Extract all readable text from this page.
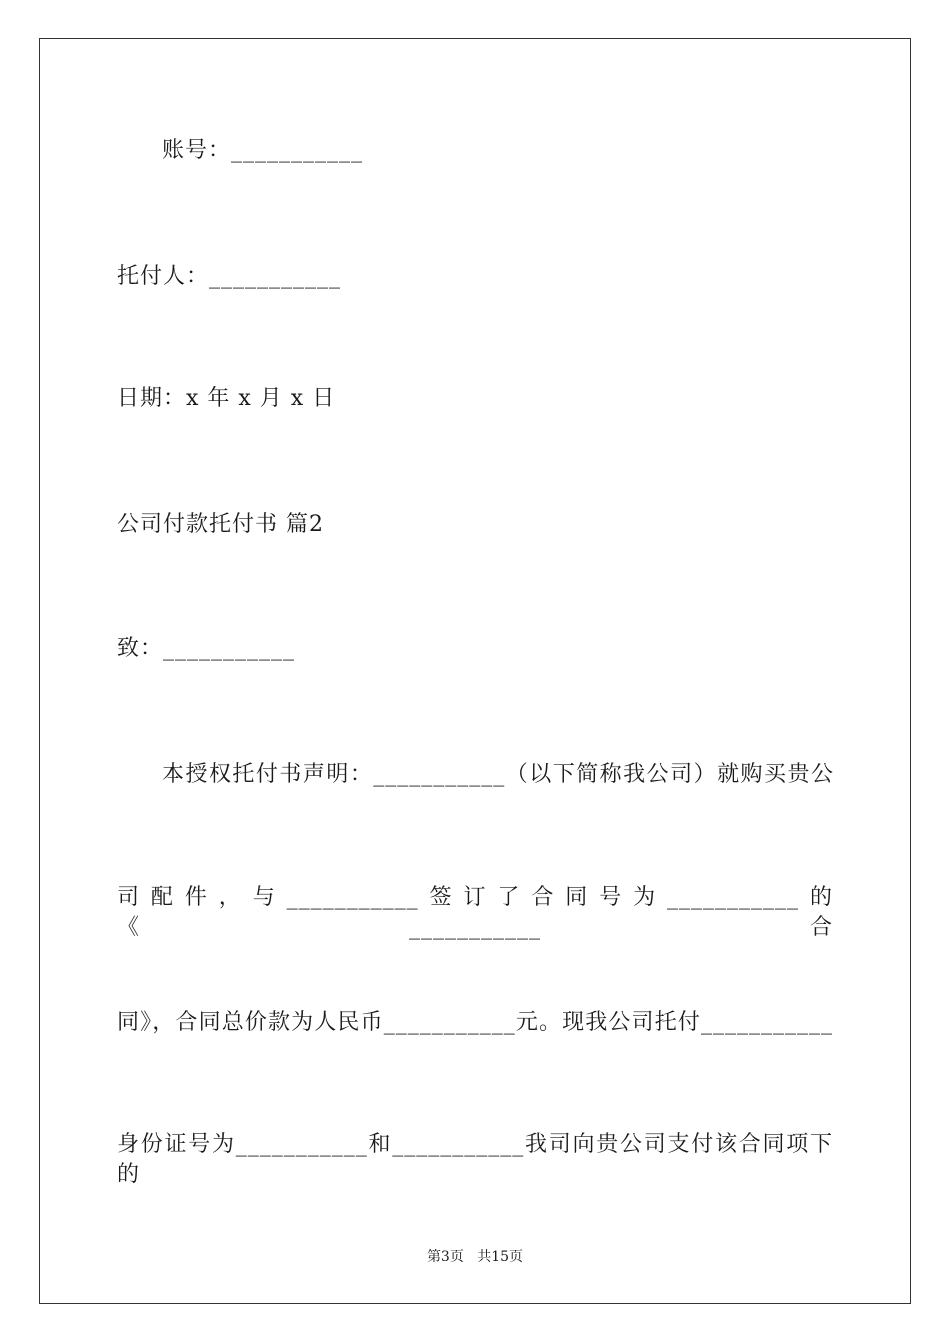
账号：___________
托付人：___________
日期：x 年 x 月 x 日
公司付款托付书 篇2
致：___________
本授权托付书声明：___________（以下简称我公司）就购买贵公
司配件，与___________签订了合同号为___________的《___________合
同》，合同总价款为人民币___________元。现我公司托付___________
身份证号为___________和___________我司向贵公司支付该合同项下的
第3页 共15页
